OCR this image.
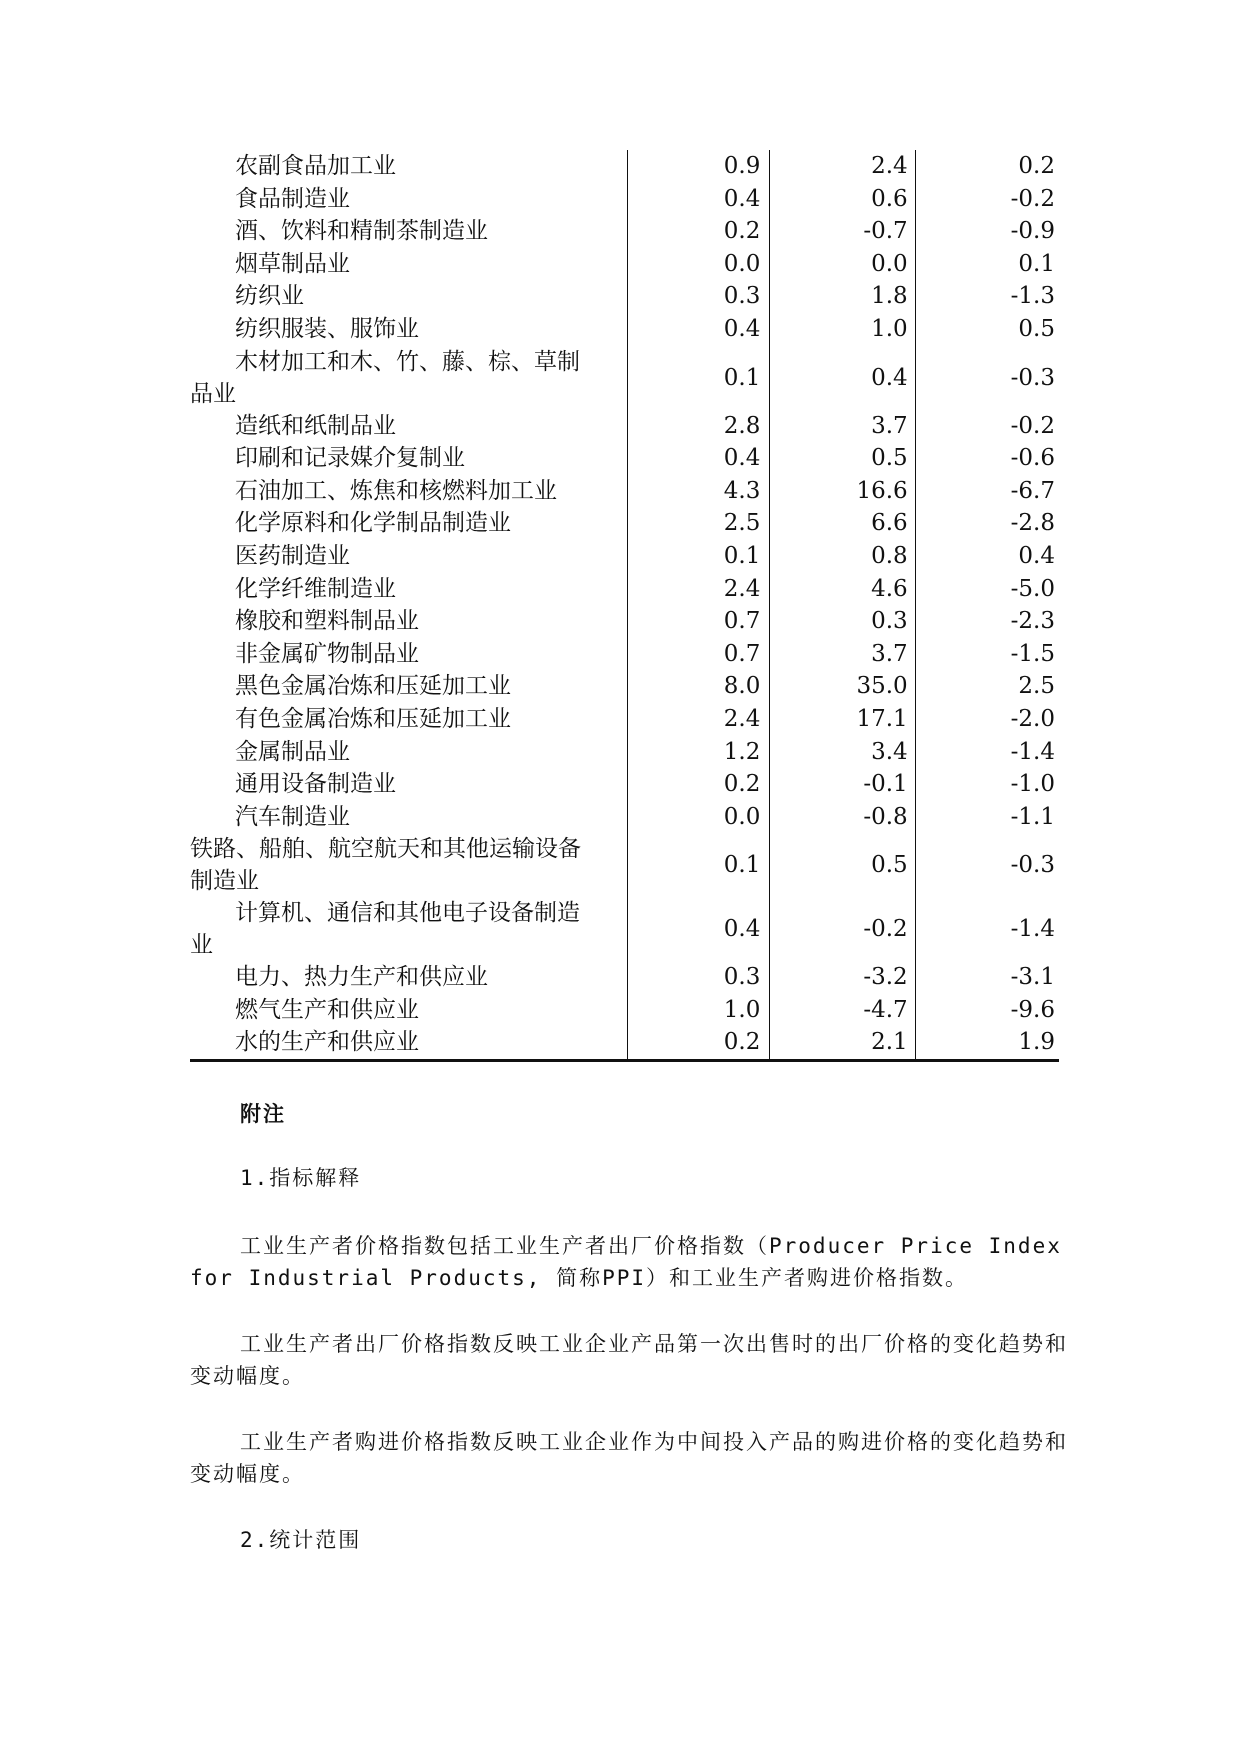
农副食品加工业	0.9	2.4	0.2
食品制造业	0.4	0.6	-0.2
酒、饮料和精制茶制造业	0.2	-0.7	-0.9
烟草制品业	0.0	0.0	0.1
纺织业	0.3	1.8	-1.3
纺织服装、服饰业	0.4	1.0	0.5
木材加工和木、竹、藤、棕、草制
品业	0.1	0.4	-0.3
造纸和纸制品业	2.8	3.7	-0.2
印刷和记录媒介复制业	0.4	0.5	-0.6
石油加工、炼焦和核燃料加工业	4.3	16.6	-6.7
化学原料和化学制品制造业	2.5	6.6	-2.8
医药制造业	0.1	0.8	0.4
化学纤维制造业	2.4	4.6	-5.0
橡胶和塑料制品业	0.7	0.3	-2.3
非金属矿物制品业	0.7	3.7	-1.5
黑色金属冶炼和压延加工业	8.0	35.0	2.5
有色金属冶炼和压延加工业	2.4	17.1	-2.0
金属制品业	1.2	3.4	-1.4
通用设备制造业	0.2	-0.1	-1.0
汽车制造业	0.0	-0.8	-1.1
铁路、船舶、航空航天和其他运输设备
制造业	0.1	0.5	-0.3
计算机、通信和其他电子设备制造
业	0.4	-0.2	-1.4
电力、热力生产和供应业	0.3	-3.2	-3.1
燃气生产和供应业	1.0	-4.7	-9.6
水的生产和供应业	0.2	2.1	1.9

附注

1.指标解释

工业生产者价格指数包括工业生产者出厂价格指数（Producer Price Index for Industrial Products, 简称PPI）和工业生产者购进价格指数。

工业生产者出厂价格指数反映工业企业产品第一次出售时的出厂价格的变化趋势和变动幅度。

工业生产者购进价格指数反映工业企业作为中间投入产品的购进价格的变化趋势和变动幅度。

2.统计范围
